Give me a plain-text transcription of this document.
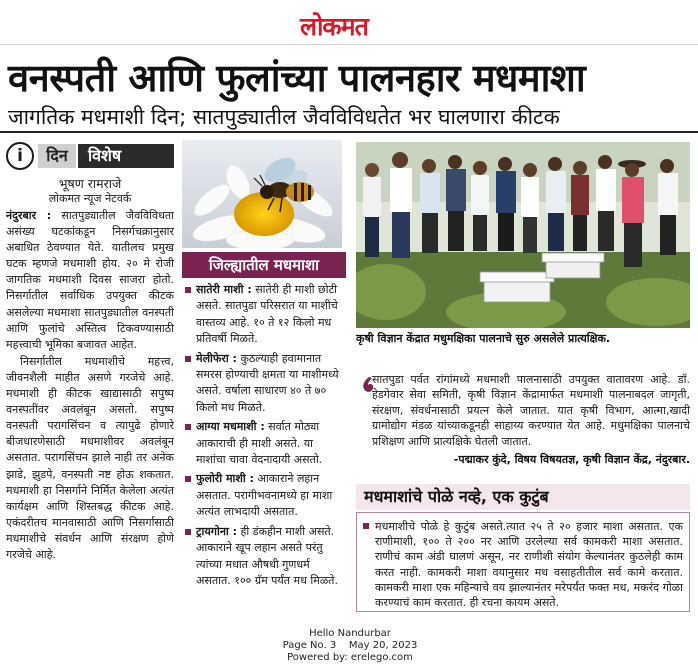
लोकमत
वनस्पती आणि फुलांच्या पालनहार मधमाशा
जागतिक मधमाशी दिन; सातपुड्यातील जैवविविधतेत भर घालणारा कीटक
i	दिन	विशेष
भूषण रामराजे
लोकमत न्यूज नेटवर्क

नंदुरबार : सातपुड्यातील जैवविविधता असंख्य घटकांकडून निसर्गचक्रानुसार अबाधित ठेवण्यात येते. यातीलच प्रमुख घटक म्हणजे मधमाशी होय. २० मे रोजी जागतिक मधमाशी दिवस साजरा होतो. निसर्गातील सर्वाधिक उपयुक्त कीटक असलेल्या मधमाशा सातपुड्यातील वनस्पती आणि फुलांचे अस्तित्व टिकवण्यासाठी महत्त्वाची भूमिका बजावत आहेत.

निसर्गातील मधमाशीचे महत्त्व, जीवनशैली माहीत असणे गरजेचे आहे. मधमाशी ही कीटक खाद्यासाठी सपुष्प वनस्पतींवर अवलंबून असतो. सपुष्प वनस्पती परागसिंचन व त्यापुढे होणारे बीजधारणेसाठी मधमाशीवर अवलंबून असतात. परागसिंचन झाले नाही तर अनेक झाडे, झुडपे, वनस्पती नष्ट होऊ शकतात. मधमाशी हा निसर्गाने निर्मित केलेला अत्यंत कार्यक्षम आणि शिस्तबद्ध कीटक आहे. एकंदरीतच मानवासाठी आणि निसर्गासाठी मधमाशीचे संवर्धन आणि संरक्षण होणे गरजेचे आहे.

जिल्ह्यातील मधमाशा
सातेरी माशी : सातेरी ही माशी छोटी असते. सातपुडा परिसरात या माशीचे वास्तव्य आहे. १० ते १२ किलो मध प्रतिवर्षी मिळते.
मेलीफेरा : कुठल्याही हवामानात समरस होण्याची क्षमता या माशीमध्ये असते. वर्षाला साधारण ४० ते ७० किलो मध मिळते.
आग्या मधमाशी : सर्वात मोठ्या आकाराची ही माशी असते. या माशांचा चावा वेदनादायी असतो.
फुलोरी माशी : आकाराने लहान असतात. परागीभवनामध्ये हा माशा अत्यंत लाभदायी असतात.
ट्रायगोना : ही डंकहीन माशी असते. आकाराने खूप लहान असते परंतु त्यांच्या मधात औषधी गुणधर्म असतात. १०० ग्रॅम पर्यंत मध मिळते.
कृषी विज्ञान केंद्रात मधुमक्षिका पालनाचे सुरु असलेले प्रात्यक्षिक.
सातपुडा पर्वत रांगांमध्ये मधमाशी पालनासाठी उपयुक्त वातावरण आहे. डॉ. हेडगेवार सेवा समिती, कृषी विज्ञान केंद्रामार्फत मधमाशी पालनाबदल जागृती, संरक्षण, संवर्धनासाठी प्रयत्न केले जातात. यात कृषी विभाग, आत्मा,खादी ग्रामोद्योग मंडळ यांच्याकडूनही साहाय्य करण्यात येत आहे. मधुमक्षिका पालनाचे प्रशिक्षण आणि प्रात्यक्षिके घेतली जातात.
-पद्माकर कुंदे, विषय विषयतज्ञ, कृषी विज्ञान केंद्र, नंदुरबार.
मधमाशांचे पोळे नव्हे, एक कुटुंब
मधमाशीचे पोळे हे कुटुंब असते.त्यात २५ ते २० हजार माशा असतात. एक राणीमाशी, १०० ते २०० नर आणि उरलेल्या सर्व कामकरी माशा असतात. राणीचं काम अंडी घालणं असून, नर राणीशी संयोग केल्यानंतर कुठलेही काम करत नाही. कामकरी माशा वयानुसार मध वसाहतीतील सर्व कामे करतात. कामकरी माशा एक महिन्याचे वय झाल्यानंतर मरेपर्यंत फक्त मध, मकरंद गोळा करण्याचं काम करतात. ही रचना कायम असते.
Hello Nandurbar
Page No. 3 May 20, 2023
Powered by: erelego.com
